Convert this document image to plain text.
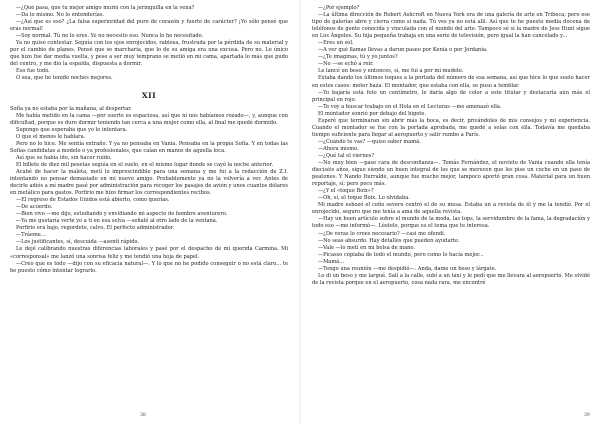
—¿Qué pasa, que tu mejor amigo murió con la jeringuilla en la vena?

—Da lo mismo. No lo entenderías.

—¿Así que es eso? ¿La falsa superioridad del puro de corazón y fuerte de carácter? ¡Yo sólo pensé que eras normal!

—Soy normal. Tú no lo eres. Yo no necesito eso. Nunca lo he necesitado.

Ya no quiso contestar. Seguía con los ojos enrojecidos, rabiosa, frustrada por la pérdida de su material y por el cambio de planes. Pensé que se marcharía, que lo de su amiga era una excusa. Pero no. Lo único que hizo fue dar media vuelta, y pese a ser muy temprano se metió en mi cama, apartada lo más que pudo del centro, y me dio la espalda, dispuesta a dormir.

Eso fue todo.

O sea, que he tenido noches mejores.

XII

Sofía ya no estaba por la mañana, al despertar.

Me había metido en la cama —por suerte es espaciosa, así que ni nos habíamos rozado—, y, aunque con dificultad, porque es duro dormir teniendo tan cerca a una mujer como ella, al final me quedé dormido.

Supongo que esperaba que yo lo intentara.

O que el menos le hablara.

Pero no lo hice. Me sentía extraño. Y ya no pensaba en Vania. Pensaba en la propia Sofía. Y en todas las Sofías candidatas a modelo o ya profesionales, que caían en manos de aquella loca.

Así que se había ido, sin hacer ruido.

El billete de diez mil pesetas seguía en el suelo, en el mismo lugar donde se cayó la noche anterior.

Acabé de hacer la maleta, metí lo imprescindible para una semana y me fui a la redacción de Z.I. intentando no pensar demasiado en mi nuevo amigo. Probablemente ya no la volvería a ver. Antes de decirle adiós a mí madre pasé por administración para recoger los pasajes de avión y unos cuantos dólares en metálico para gastos. Porfirio me hizo firmar los correspondientes recibos.

—El regreso de Estados Unidos está abierto, como querías.

—De acuerdo.

—Bien vivo —me dijo, estudiando y envidiando mi aspecto de hombre aventurero.

—Ya me gustaría verte yo a ti en esa selva —señalé al otro lado de la ventana.

Porfirio era bajo, regordete, calvo. El perfecto administrador.

—Tráeme…

—Los justificantes, sí, descuida —asentí rápido.

Le dejé calibrando nuestras diferencias laborales y pasé por el despacho de mi querida Carmina. Mi «corresponsal» me lanzó una sonrisa feliz y me tendió una hoja de papel.

—Creo que es todo —dijo con su eficacia natural—. Y lo que no he podido conseguir o no está claro... te he puesto cómo intentar lograrlo.

—¿Por ejemplo?

—La última dirección de Robert Ashcroft en Nueva York era de una galería de arte en Tribeca; pero ese tipo de galerías abre y cierra como si nada. Tú ves ya no está allí. Así que te he puesto media docena de teléfonos de gente conocida y vinculada con el mundo del arte. Tampoco sé si la madre de Jess Hunt sigue en Los Ángeles. Su hija pequeña trabaja en una serie de televisión, pero igual la han cancelado y...

—Eres un sol.

—A ver qué llamas llevas a darun paseo por Kenia o por Jordania.

—¿Te imaginas, tú y yo juntos?

—No —se echó a reír.

Le lancé un beso y entonces, sí, me fui a por mi mudete.

Estaba dando los últimos toques a la portada del número de esa semana, así que hice lo que suelo hacer en estos casos: meter baza. El montador, que estaba con ella, se puso a temblar.

—Yo bajaría esta foto un centímetro, le daría algo de color a este titular y destacaría aún más el principal en rojo.

—Te voy a buscar trabajo en el Hola en el Lecturas —me amenazó ella.

El montador sonrió por debajo del bigote.

Esperé que terminaran sin abrir más la boca, es decir, privándoles de mis consejos y mi experiencia. Cuando el montador se fue con la portada aprobada, me quedé a solas con ella. Todavía me quedaba tiempo suficiente para llegar al aeropuerto y salir rumbo a París.

—¿Cuándo te vas? —quiso saber mamá.

—Ahora mismo.

—¿Qué tal el viernes?

—No muy bien —pase cara de desconfianza—. Tomás Fernández, el novieto de Vania cuando ella tenía dieciséis años, sigue siendo un buen integral de los que se merecen que les pise un coche en un paso de peatones. Y Nando Iturralde, aunque fue mucho mejor, tampoco aportó gran cosa. Material para un buen reportaje, sí; pero poco más.

—¿Y el «toque Boix»?

—Oh, sí, el toque Boix. Lo olvidaba.

Mi madre esbozó el ceño severo centró el de su mesa. Estaba un a revista de él y me la tendió. Por el enrojecido, seguro que me tenía a ama de aquella revista.

—Hay un buen artículo sobre el mundo de la moda, las tops, la servidumbre de la fama, la degradación y todo eso —me informó—. Léetelo, porque es el tema que te interesa.

—¿De veras lo crees necesario? —casi me ofendí.

—No seas absurdo. Hay detalles que pueden ayudarte.

—Vale —lo metí en mi bolsa de mano.

—Picasso copiaba de todo el mundo, pero como lo hacía mejor...

—Mamá…

—Tengo una reunión —me despidió—. Anda, dame un beso y lárgate.

Lo di un beso y me largué. Salí a la calle, subí a un taxi y le pedí que me llevara al aeropuerto. Me olvidé de la revista porque en el aeropuerto, cosa nada rara, me encontré

38	39
